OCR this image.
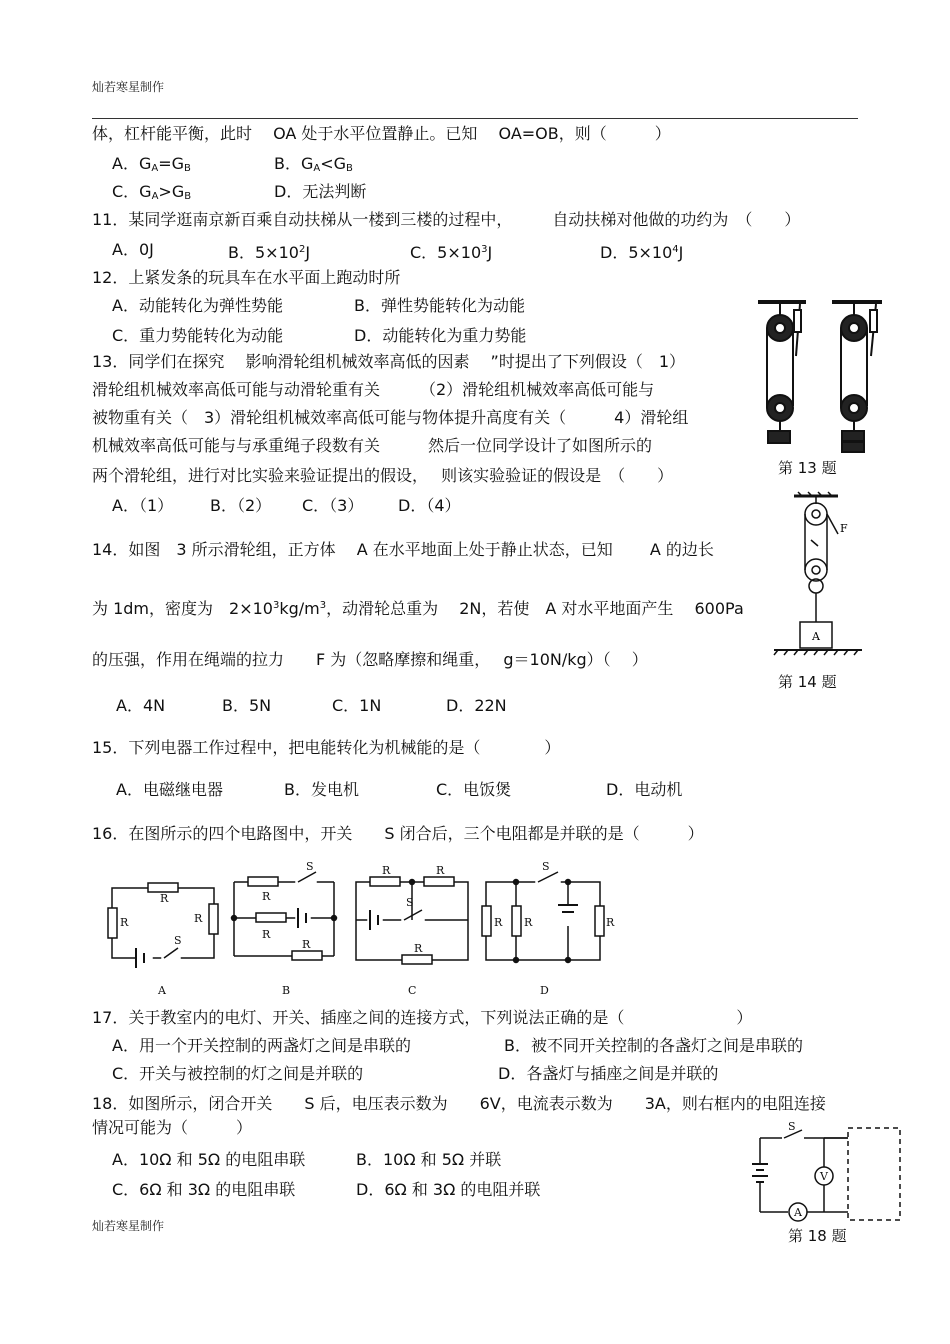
灿若寒星制作
体，杠杆能平衡，此时　 OA 处于水平位置静止。已知　 OA=OB，则（　　　）
A．$G_A=G_B$	B．$G_A<G_B$
C．$G_A>G_B$	D．无法判断
11．某同学逛南京新百乘自动扶梯从一楼到三楼的过程中，　　　自动扶梯对他做的功约为　（　　）
A．0J	B．$5\times 10^2J$	C．$5\times 10^3J$	D．$5\times 10^4J$
12．上紧发条的玩具车在水平面上跑动时所
A．动能转化为弹性势能	B．弹性势能转化为动能
C．重力势能转化为动能	D．动能转化为重力势能
13．同学们在探究　 影响滑轮组机械效率高低的因素　 ”时提出了下列假设（　1）
滑轮组机械效率高低可能与动滑轮重有关　　　（2）滑轮组机械效率高低可能与
被物重有关（　3）滑轮组机械效率高低可能与物体提升高度有关（　　　4）滑轮组
机械效率高低可能与与承重绳子段数有关　　　然后一位同学设计了如图所示的
两个滑轮组，进行对比实验来验证提出的假设，　 则该实验验证的假设是　（　　）
A．（1） B．（2） C．（3） D．（4）
第 13 题
14．如图　3 所示滑轮组，正方体　 A 在水平地面上处于静止状态，已知　　 A 的边长
为 1dm，密度为　$2\times 10^3kg/m^3$，动滑轮总重为　 2N，若使　A 对水平地面产生　 600Pa
的压强，作用在绳端的拉力　　F 为（忽略摩擦和绳重，　 g＝10N/kg）（　 ）
A．4N	B．5N	C．1N	D．22N
F
A
第 14 题
15．下列电器工作过程中，把电能转化为机械能的是（　　　　）
A．电磁继电器	B．发电机	C．电饭煲	D．电动机
16．在图所示的四个电路图中，开关　　S 闭合后，三个电阻都是并联的是（　　　）
R
R	R
S
A
R
S
R
R
B
R	R
S
R
C
S
R R	R
D
17．关于教室内的电灯、开关、插座之间的连接方式，下列说法正确的是（　　　　　　　）
A．用一个开关控制的两盏灯之间是串联的	B．被不同开关控制的各盏灯之间是串联的
C．开关与被控制的灯之间是并联的	D．各盏灯与插座之间是并联的
18．如图所示，闭合开关　　S 后，电压表示数为　　6V，电流表示数为　　3A，则右框内的电阻连接
情况可能为（　　　）
A．10Ω 和 5Ω 的电阻串联	B．10Ω 和 5Ω 并联
C．6Ω 和 3Ω 的电阻串联	D．6Ω 和 3Ω 的电阻并联
S
V
A
第 18 题
灿若寒星制作
